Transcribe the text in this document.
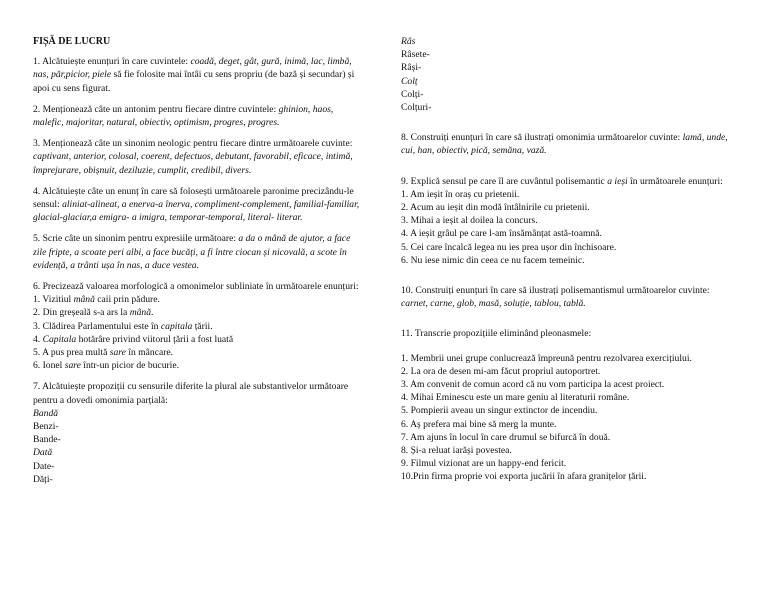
FIȘĂ DE LUCRU

1. Alcătuiește enunțuri în care cuvintele: coadă, deget, gât, gură, inimă, lac, limbă, nas, păr,picior, piele să fie folosite mai întâi cu sens propriu (de bază și secundar) și apoi cu sens figurat.

2. Menționează câte un antonim pentru fiecare dintre cuvintele: ghinion, haos, malefic, majoritar, natural, obiectiv, optimism, progres, progres.

3. Menționează câte un sinonim neologic pentru fiecare dintre următoarele cuvinte: captivant, anterior, colosal, coerent, defectuos, debutant, favorabil, eficace, intimă, împrejurare, obișnuit, deziluzie, cumplit, credibil, divers.

4. Alcătuiește câte un enunț în care să folosești următoarele paronime precizându-le sensul: aliniat-alineat, a enerva-a înerva, compliment-complement, familial-familiar, glacial-glaciar,a emigra- a imigra, temporar-temporal, literal- literar.

5. Scrie câte un sinonim pentru expresiile următoare: a da o mână de ajutor, a face zile fripte, a scoate peri albi, a face bucăți, a fi între ciocan și nicovală, a scote în evidență, a trânti ușa în nas, a duce vestea.

6. Precizează valoarea morfologică a omonimelor subliniate în următoarele enunțuri:

1. Vizitiul mână caii prin pădure.
2. Din greșeală s-a ars la mână.
3. Clădirea Parlamentului este în capitala țării.
4. Capitala hotărâre privind viitorul țării a fost luată
5. A pus prea multă sare în mâncare.
6. Ionel sare într-un picior de bucurie.

7. Alcătuiește propoziții cu sensurile diferite la plural ale substantivelor următoare pentru a dovedi omonimia parțială:

Bandă
Benzi-
Bande-
Dată
Date-
Dăți-
Râs
Râsete-
Râși-
Colț
Colți-
Colțuri-

8. Construiți enunțuri în care să ilustrați omonimia următoarelor cuvinte: lamă, unde, cui, han, obiectiv, pică, semăna, vază.

9. Explică sensul pe care îl are cuvântul polisemantic a ieși în următoarele enunțuri:

1. Am ieșit în oraș cu prietenii.
2. Acum au ieșit din modă întâlnirile cu prietenii.
3. Mihai a ieșit al doilea la concurs.
4. A ieșit grâul pe care l-am însămânțat astă-toamnă.
5. Cei care încalcă legea nu ies prea ușor din închisoare.
6. Nu iese nimic din ceea ce nu facem temeinic.

10. Construiți enunțuri în care să ilustrați polisemantismul următoarelor cuvinte: carnet, carne, glob, masă, soluție, tablou, tablă.

11. Transcrie propozițiile eliminând pleonasmele:

1. Membrii unei grupe conlucrează împreună pentru rezolvarea exercițiului.
2. La ora de desen mi-am făcut propriul autoportret.
3. Am convenit de comun acord că nu vom participa la acest proiect.
4. Mihai Eminescu este un mare geniu al literaturii române.
5. Pompierii aveau un singur extinctor de incendiu.
6. Aș prefera mai bine să merg la munte.
7. Am ajuns în locul în care drumul se bifurcă în două.
8. Și-a reluat iarăși povestea.
9. Filmul vizionat are un happy-end fericit.
10.Prin firma proprie voi exporta jucării în afara granițelor țării.
